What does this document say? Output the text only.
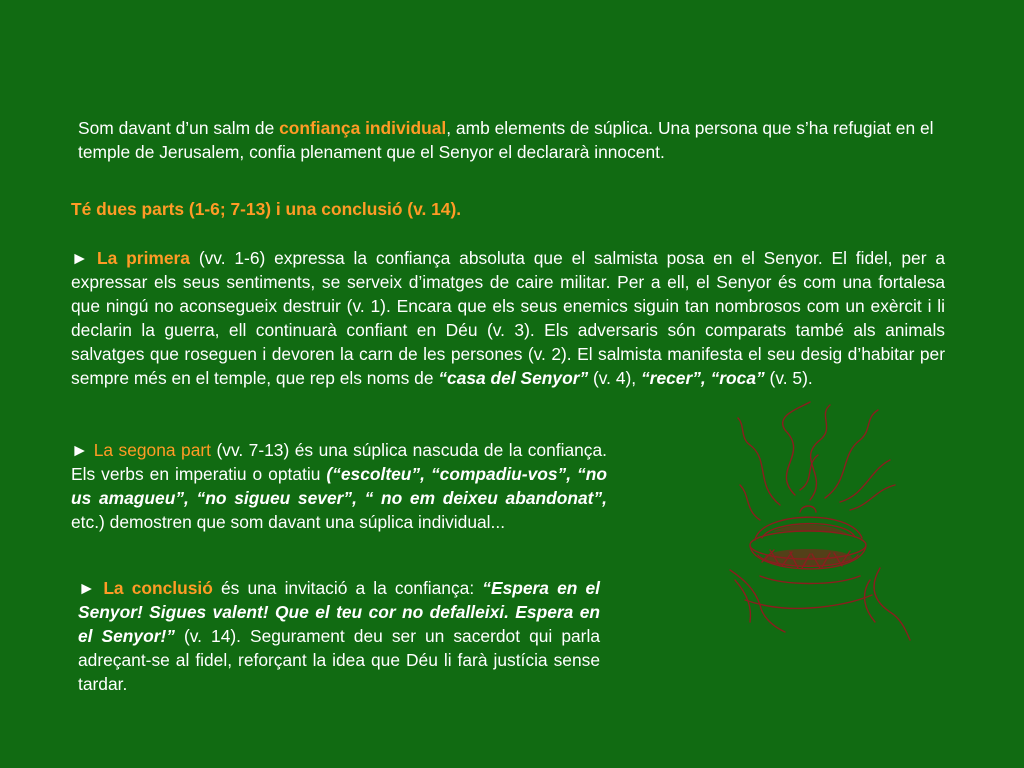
Som davant d’un salm de confiança individual, amb elements de súplica. Una persona que s’ha refugiat en el temple de Jerusalem, confia plenament que el Senyor el declararà innocent.

Té dues parts (1-6; 7-13) i una conclusió (v. 14).

► La primera (vv. 1-6) expressa la confiança absoluta que el salmista posa en el Senyor. El fidel, per a expressar els seus sentiments, se serveix d’imatges de caire militar. Per a ell, el Senyor és com una fortalesa que ningú no aconsegueix destruir (v. 1). Encara que els seus enemics siguin tan nombrosos com un exèrcit i li declarin la guerra, ell continuarà confiant en Déu (v. 3). Els adversaris són comparats també als animals salvatges que roseguen i devoren la carn de les persones (v. 2). El salmista manifesta el seu desig d’habitar per sempre més en el temple, que rep els noms de “casa del Senyor” (v. 4), “recer”, “roca” (v. 5).

► La segona part (vv. 7-13) és una súplica nascuda de la confiança. Els verbs en imperatiu o optatiu (“escolteu”, “compadiu-vos”, “no us amagueu”, “no sigueu sever”, “ no em deixeu abandonat”, etc.) demostren que som davant una súplica individual...

► La conclusió és una invitació a la confiança: “Espera en el Senyor! Sigues valent! Que el teu cor no defalleixi. Espera en el Senyor!” (v. 14). Segurament deu ser un sacerdot qui parla adreçant-se al fidel, reforçant la idea que Déu li farà justícia sense tardar.
